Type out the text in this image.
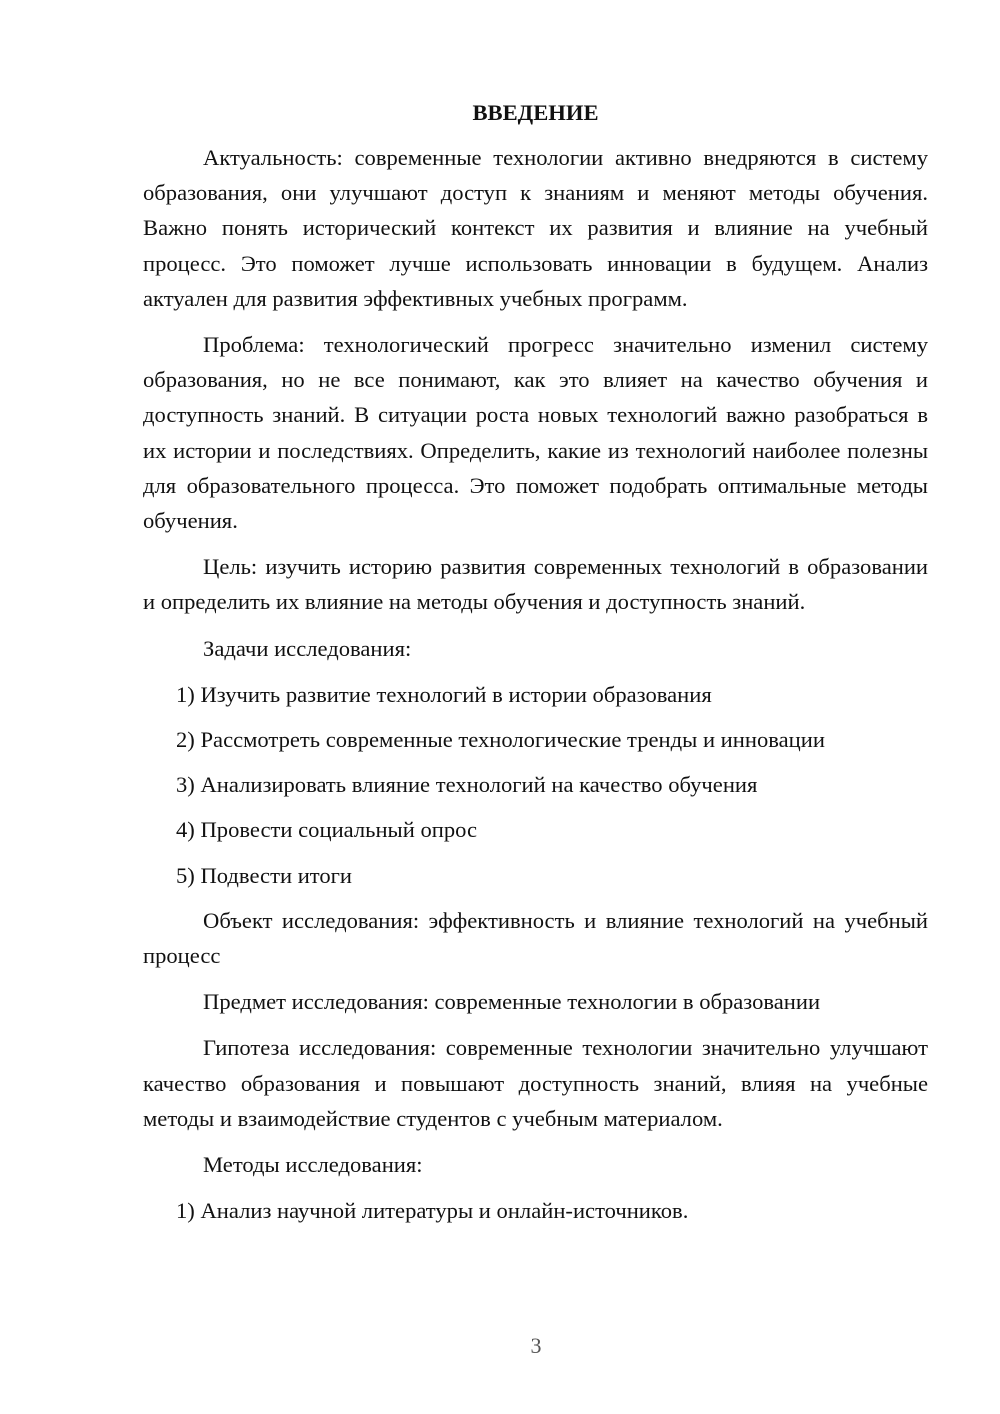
ВВЕДЕНИЕ

Актуальность: современные технологии активно внедряются в систему образования, они улучшают доступ к знаниям и меняют методы обучения. Важно понять исторический контекст их развития и влияние на учебный процесс. Это поможет лучше использовать инновации в будущем. Анализ актуален для развития эффективных учебных программ.

Проблема: технологический прогресс значительно изменил систему образования, но не все понимают, как это влияет на качество обучения и доступность знаний. В ситуации роста новых технологий важно разобраться в их истории и последствиях. Определить, какие из технологий наиболее полезны для образовательного процесса. Это поможет подобрать оптимальные методы обучения.

Цель: изучить историю развития современных технологий в образовании и определить их влияние на методы обучения и доступность знаний.

Задачи исследования:

1) Изучить развитие технологий в истории образования
2) Рассмотреть современные технологические тренды и инновации
3) Анализировать влияние технологий на качество обучения
4) Провести социальный опрос
5) Подвести итоги

Объект исследования: эффективность и влияние технологий на учебный процесс

Предмет исследования: современные технологии в образовании

Гипотеза исследования: современные технологии значительно улучшают качество образования и повышают доступность знаний, влияя на учебные методы и взаимодействие студентов с учебным материалом.

Методы исследования:

1) Анализ научной литературы и онлайн-источников.
3
